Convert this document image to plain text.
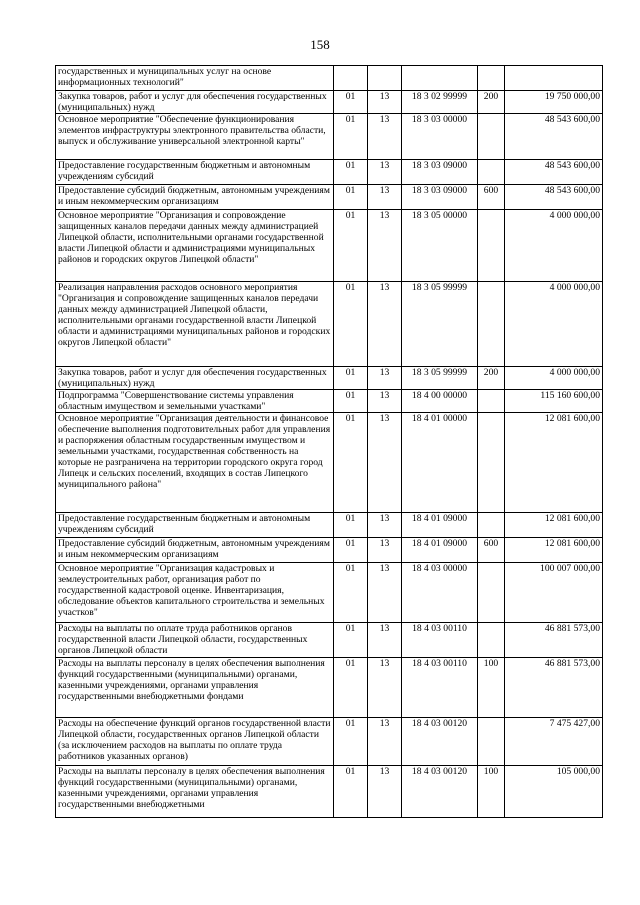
158
государственных и муниципальных услуг на основе информационных технологий"					
Закупка товаров, работ и услуг для обеспечения государственных (муниципальных) нужд	01	13	18 3 02 99999	200	19 750 000,00
Основное мероприятие "Обеспечение функционирования элементов инфраструктуры электронного правительства области, выпуск и обслуживание универсальной электронной карты"	01	13	18 3 03 00000		48 543 600,00
Предоставление государственным бюджетным и автономным учреждениям субсидий	01	13	18 3 03 09000		48 543 600,00
Предоставление субсидий бюджетным, автономным учреждениям и иным некоммерческим организациям	01	13	18 3 03 09000	600	48 543 600,00
Основное мероприятие "Организация и сопровождение защищенных каналов передачи данных между администрацией Липецкой области, исполнительными органами государственной власти Липецкой области и администрациями муниципальных районов и городских округов Липецкой области"	01	13	18 3 05 00000		4 000 000,00
Реализация направления расходов основного мероприятия "Организация и сопровождение защищенных каналов передачи данных между администрацией Липецкой области, исполнительными органами государственной власти Липецкой области и администрациями муниципальных районов и городских округов Липецкой области"	01	13	18 3 05 99999		4 000 000,00
Закупка товаров, работ и услуг для обеспечения государственных (муниципальных) нужд	01	13	18 3 05 99999	200	4 000 000,00
Подпрограмма "Совершенствование системы управления областным имуществом и земельными участками"	01	13	18 4 00 00000		115 160 600,00
Основное мероприятие "Организация деятельности и финансовое обеспечение выполнения подготовительных работ для управления и распоряжения областным государственным имуществом и земельными участками, государственная собственность на которые не разграничена на территории городского округа город Липецк и сельских поселений, входящих в состав Липецкого муниципального района"	01	13	18 4 01 00000		12 081 600,00
Предоставление государственным бюджетным и автономным учреждениям субсидий	01	13	18 4 01 09000		12 081 600,00
Предоставление субсидий бюджетным, автономным учреждениям и иным некоммерческим организациям	01	13	18 4 01 09000	600	12 081 600,00
Основное мероприятие "Организация кадастровых и землеустроительных работ, организация работ по государственной кадастровой оценке. Инвентаризация, обследование объектов капитального строительства и земельных участков"	01	13	18 4 03 00000		100 007 000,00
Расходы на выплаты по оплате труда работников органов государственной власти Липецкой области, государственных органов Липецкой области	01	13	18 4 03 00110		46 881 573,00
Расходы на выплаты персоналу в целях обеспечения выполнения функций государственными (муниципальными) органами, казенными учреждениями, органами управления государственными внебюджетными фондами	01	13	18 4 03 00110	100	46 881 573,00
Расходы на обеспечение функций органов государственной власти Липецкой области, государственных органов Липецкой области (за исключением расходов на выплаты по оплате труда работников указанных органов)	01	13	18 4 03 00120		7 475 427,00
Расходы на выплаты персоналу в целях обеспечения выполнения функций государственными (муниципальными) органами, казенными учреждениями, органами управления государственными внебюджетными	01	13	18 4 03 00120	100	105 000,00
